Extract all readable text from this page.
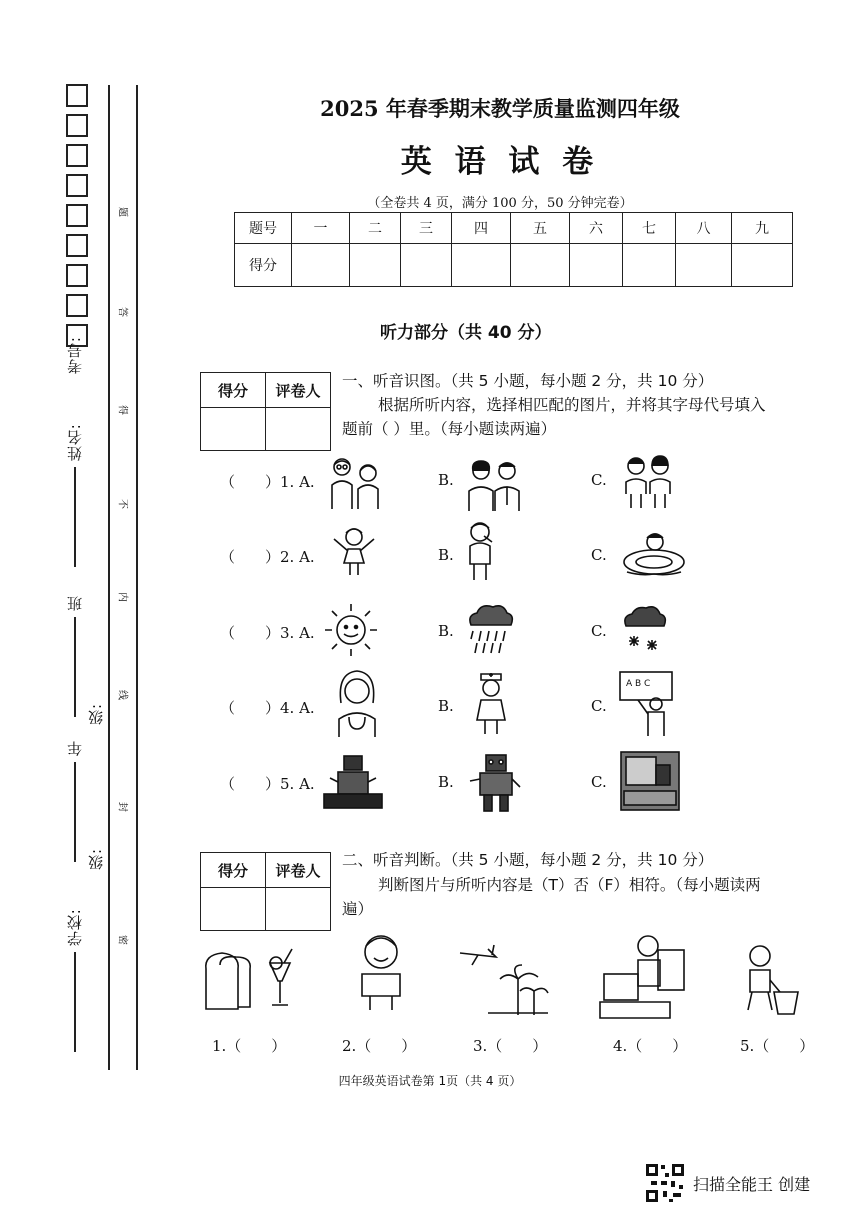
考号:
姓名:
班级:
年级:
学校:
题
答
得
不
内
线
封
密
2025 年春季期末教学质量监测四年级
英 语 试 卷
（全卷共 4 页，满分 100 分，50 分钟完卷）
题号	一	二	三	四	五	六	七	八	九
得分									
听力部分（共 40 分）
得分	评卷人

一、听音识图。（共 5 小题，每小题 2 分，共 10 分）
根据所听内容，选择相匹配的图片，并将其字母代号填入
题前（ ）里。（每小题读两遍）
（　　）1. A.	B.	C.
（　　）2. A.	B.	C.
（　　）3. A.	B.	C.
（　　）4. A.	B.	C.
A B C
（　　）5. A.	B.	C.
得分	评卷人

二、听音判断。（共 5 小题，每小题 2 分，共 10 分）
判断图片与所听内容是（T）否（F）相符。（每小题读两
遍）
1.（　　）	2.（　　）	3.（　　）	4.（　　）	5.（　　）
四年级英语试卷第 1页（共 4 页）
扫描全能王 创建
